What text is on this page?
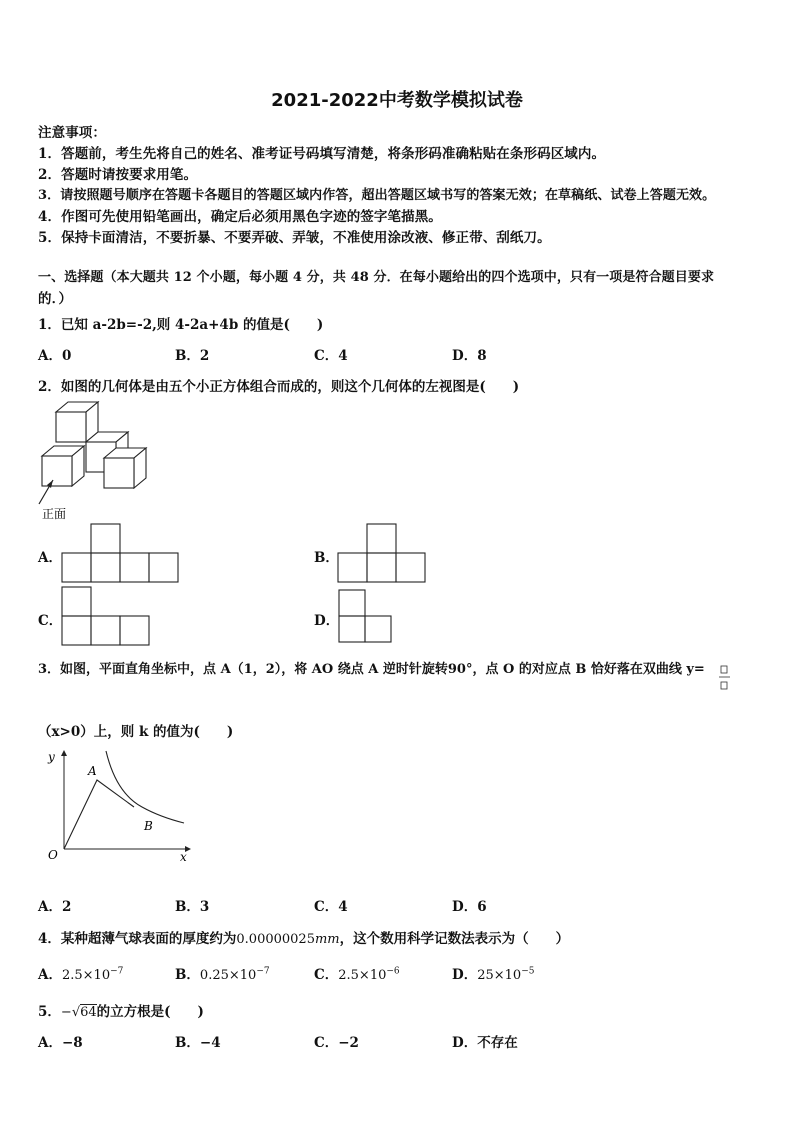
2021-2022中考数学模拟试卷
注意事项：
1．答题前，考生先将自己的姓名、准考证号码填写清楚，将条形码准确粘贴在条形码区域内。
2．答题时请按要求用笔。
3．请按照题号顺序在答题卡各题目的答题区域内作答，超出答题区域书写的答案无效；在草稿纸、试卷上答题无效。
4．作图可先使用铅笔画出，确定后必须用黑色字迹的签字笔描黑。
5．保持卡面清洁，不要折暴、不要弄破、弄皱，不准使用涂改液、修正带、刮纸刀。
一、选择题（本大题共 12 个小题，每小题 4 分，共 48 分．在每小题给出的四个选项中，只有一项是符合题目要求
的．）
1．已知 a-2b=-2,则 4-2a+4b 的值是(　　)
A．0	B．2	C．4	D．8
2．如图的几何体是由五个小正方体组合而成的，则这个几何体的左视图是(　　)
正面
A．	B．
C．	D．
3．如图，平面直角坐标中，点 A（1，2），将 AO 绕点 A 逆时针旋转90°，点 O 的对应点 B 恰好落在双曲线 y=
（x>0）上，则 k 的值为(　　)
x
y
O
A
B
A．2	B．3	C．4	D．6
4．某种超薄气球表面的厚度约为0.00000025mm，这个数用科学记数法表示为（　　）
A．$2.5\times 10^{-7}$	B．$0.25\times 10^{-7}$	C．$2.5\times 10^{-6}$	D．$25\times 10^{-5}$
5．−√64的立方根是(　　)
A．−8	B．−4	C．−2	D．不存在
